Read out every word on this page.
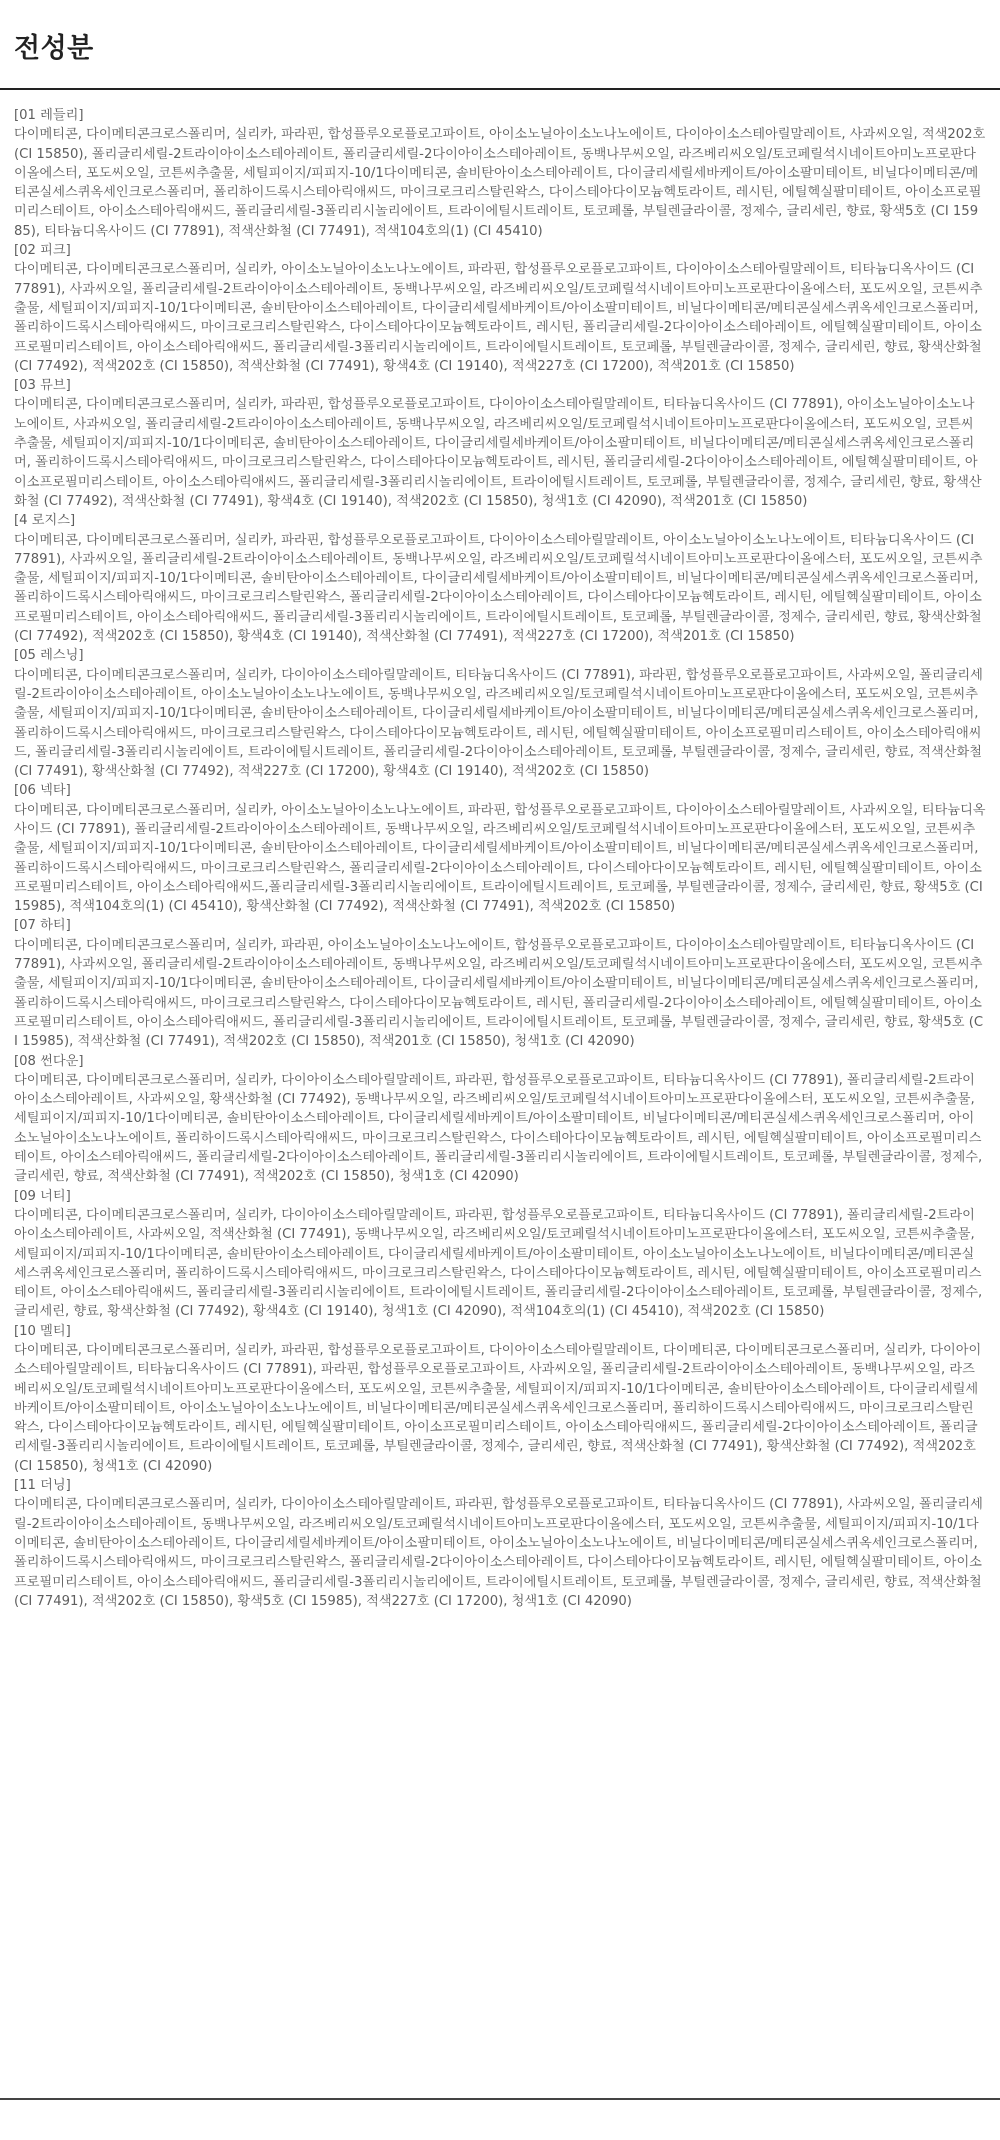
전성분

[01 레들리]

다이메티콘, 다이메티콘크로스폴리머, 실리카, 파라핀, 합성플루오로플로고파이트, 아이소노닐아이소노나노에이트, 다이아이소스테아릴말레이트, 사과씨오일, 적색202호 (CI 15850), 폴리글리세릴-2트라이아이소스테아레이트, 폴리글리세릴-2다이아이소스테아레이트, 동백나무씨오일, 라즈베리씨오일/토코페릴석시네이트아미노프로판다이올에스터, 포도씨오일, 코튼씨추출물, 세틸피이지/피피지-10/1다이메티콘, 솔비탄아이소스테아레이트, 다이글리세릴세바케이트/아이소팔미테이트, 비닐다이메티콘/메티콘실세스퀴옥세인크로스폴리머, 폴리하이드록시스테아릭애씨드, 마이크로크리스탈린왁스, 다이스테아다이모늄헥토라이트, 레시틴, 에틸헥실팔미테이트, 아이소프로필미리스테이트, 아이소스테아릭애씨드, 폴리글리세릴-3폴리리시놀리에이트, 트라이에틸시트레이트, 토코페롤, 부틸렌글라이콜, 정제수, 글리세린, 향료, 황색5호 (CI 15985), 티타늄디옥사이드 (CI 77891), 적색산화철 (CI 77491), 적색104호의(1) (CI 45410)

[02 피크]

다이메티콘, 다이메티콘크로스폴리머, 실리카, 아이소노닐아이소노나노에이트, 파라핀, 합성플루오로플로고파이트, 다이아이소스테아릴말레이트, 티타늄디옥사이드 (CI 77891), 사과씨오일, 폴리글리세릴-2트라이아이소스테아레이트, 동백나무씨오일, 라즈베리씨오일/토코페릴석시네이트아미노프로판다이올에스터, 포도씨오일, 코튼씨추출물, 세틸피이지/피피지-10/1다이메티콘, 솔비탄아이소스테아레이트, 다이글리세릴세바케이트/아이소팔미테이트, 비닐다이메티콘/메티콘실세스퀴옥세인크로스폴리머, 폴리하이드록시스테아릭애씨드, 마이크로크리스탈린왁스, 다이스테아다이모늄헥토라이트, 레시틴, 폴리글리세릴-2다이아이소스테아레이트, 에틸헥실팔미테이트, 아이소프로필미리스테이트, 아이소스테아릭애씨드, 폴리글리세릴-3폴리리시놀리에이트, 트라이에틸시트레이트, 토코페롤, 부틸렌글라이콜, 정제수, 글리세린, 향료, 황색산화철 (CI 77492), 적색202호 (CI 15850), 적색산화철 (CI 77491), 황색4호 (CI 19140), 적색227호 (CI 17200), 적색201호 (CI 15850)

[03 뮤브]

다이메티콘, 다이메티콘크로스폴리머, 실리카, 파라핀, 합성플루오로플로고파이트, 다이아이소스테아릴말레이트, 티타늄디옥사이드 (CI 77891), 아이소노닐아이소노나노에이트, 사과씨오일, 폴리글리세릴-2트라이아이소스테아레이트, 동백나무씨오일, 라즈베리씨오일/토코페릴석시네이트아미노프로판다이올에스터, 포도씨오일, 코튼씨추출물, 세틸피이지/피피지-10/1다이메티콘, 솔비탄아이소스테아레이트, 다이글리세릴세바케이트/아이소팔미테이트, 비닐다이메티콘/메티콘실세스퀴옥세인크로스폴리머, 폴리하이드록시스테아릭애씨드, 마이크로크리스탈린왁스, 다이스테아다이모늄헥토라이트, 레시틴, 폴리글리세릴-2다이아이소스테아레이트, 에틸헥실팔미테이트, 아이소프로필미리스테이트, 아이소스테아릭애씨드, 폴리글리세릴-3폴리리시놀리에이트, 트라이에틸시트레이트, 토코페롤, 부틸렌글라이콜, 정제수, 글리세린, 향료, 황색산화철 (CI 77492), 적색산화철 (CI 77491), 황색4호 (CI 19140), 적색202호 (CI 15850), 청색1호 (CI 42090), 적색201호 (CI 15850)

[4 로지스]

다이메티콘, 다이메티콘크로스폴리머, 실리카, 파라핀, 합성플루오로플로고파이트, 다이아이소스테아릴말레이트, 아이소노닐아이소노나노에이트, 티타늄디옥사이드 (CI 77891), 사과씨오일, 폴리글리세릴-2트라이아이소스테아레이트, 동백나무씨오일, 라즈베리씨오일/토코페릴석시네이트아미노프로판다이올에스터, 포도씨오일, 코튼씨추출물, 세틸피이지/피피지-10/1다이메티콘, 솔비탄아이소스테아레이트, 다이글리세릴세바케이트/아이소팔미테이트, 비닐다이메티콘/메티콘실세스퀴옥세인크로스폴리머, 폴리하이드록시스테아릭애씨드, 마이크로크리스탈린왁스, 폴리글리세릴-2다이아이소스테아레이트, 다이스테아다이모늄헥토라이트, 레시틴, 에틸헥실팔미테이트, 아이소프로필미리스테이트, 아이소스테아릭애씨드, 폴리글리세릴-3폴리리시놀리에이트, 트라이에틸시트레이트, 토코페롤, 부틸렌글라이콜, 정제수, 글리세린, 향료, 황색산화철 (CI 77492), 적색202호 (CI 15850), 황색4호 (CI 19140), 적색산화철 (CI 77491), 적색227호 (CI 17200), 적색201호 (CI 15850)

[05 레스닝]

다이메티콘, 다이메티콘크로스폴리머, 실리카, 다이아이소스테아릴말레이트, 티타늄디옥사이드 (CI 77891), 파라핀, 합성플루오로플로고파이트, 사과씨오일, 폴리글리세릴-2트라이아이소스테아레이트, 아이소노닐아이소노나노에이트, 동백나무씨오일, 라즈베리씨오일/토코페릴석시네이트아미노프로판다이올에스터, 포도씨오일, 코튼씨추출물, 세틸피이지/피피지-10/1다이메티콘, 솔비탄아이소스테아레이트, 다이글리세릴세바케이트/아이소팔미테이트, 비닐다이메티콘/메티콘실세스퀴옥세인크로스폴리머, 폴리하이드록시스테아릭애씨드, 마이크로크리스탈린왁스, 다이스테아다이모늄헥토라이트, 레시틴, 에틸헥실팔미테이트, 아이소프로필미리스테이트, 아이소스테아릭애씨드, 폴리글리세릴-3폴리리시놀리에이트, 트라이에틸시트레이트, 폴리글리세릴-2다이아이소스테아레이트, 토코페롤, 부틸렌글라이콜, 정제수, 글리세린, 향료, 적색산화철 (CI 77491), 황색산화철 (CI 77492), 적색227호 (CI 17200), 황색4호 (CI 19140), 적색202호 (CI 15850)

[06 넥타]

다이메티콘, 다이메티콘크로스폴리머, 실리카, 아이소노닐아이소노나노에이트, 파라핀, 합성플루오로플로고파이트, 다이아이소스테아릴말레이트, 사과씨오일, 티타늄디옥사이드 (CI 77891), 폴리글리세릴-2트라이아이소스테아레이트, 동백나무씨오일, 라즈베리씨오일/토코페릴석시네이트아미노프로판다이올에스터, 포도씨오일, 코튼씨추출물, 세틸피이지/피피지-10/1다이메티콘, 솔비탄아이소스테아레이트, 다이글리세릴세바케이트/아이소팔미테이트, 비닐다이메티콘/메티콘실세스퀴옥세인크로스폴리머, 폴리하이드록시스테아릭애씨드, 마이크로크리스탈린왁스, 폴리글리세릴-2다이아이소스테아레이트, 다이스테아다이모늄헥토라이트, 레시틴, 에틸헥실팔미테이트, 아이소프로필미리스테이트, 아이소스테아릭애씨드,폴리글리세릴-3폴리리시놀리에이트, 트라이에틸시트레이트, 토코페롤, 부틸렌글라이콜, 정제수, 글리세린, 향료, 황색5호 (CI 15985), 적색104호의(1) (CI 45410), 황색산화철 (CI 77492), 적색산화철 (CI 77491), 적색202호 (CI 15850)

[07 하티]

다이메티콘, 다이메티콘크로스폴리머, 실리카, 파라핀, 아이소노닐아이소노나노에이트, 합성플루오로플로고파이트, 다이아이소스테아릴말레이트, 티타늄디옥사이드 (CI 77891), 사과씨오일, 폴리글리세릴-2트라이아이소스테아레이트, 동백나무씨오일, 라즈베리씨오일/토코페릴석시네이트아미노프로판다이올에스터, 포도씨오일, 코튼씨추출물, 세틸피이지/피피지-10/1다이메티콘, 솔비탄아이소스테아레이트, 다이글리세릴세바케이트/아이소팔미테이트, 비닐다이메티콘/메티콘실세스퀴옥세인크로스폴리머, 폴리하이드록시스테아릭애씨드, 마이크로크리스탈린왁스, 다이스테아다이모늄헥토라이트, 레시틴, 폴리글리세릴-2다이아이소스테아레이트, 에틸헥실팔미테이트, 아이소프로필미리스테이트, 아이소스테아릭애씨드, 폴리글리세릴-3폴리리시놀리에이트, 트라이에틸시트레이트, 토코페롤, 부틸렌글라이콜, 정제수, 글리세린, 향료, 황색5호 (CI 15985), 적색산화철 (CI 77491), 적색202호 (CI 15850), 적색201호 (CI 15850), 청색1호 (CI 42090)

[08 썬다운]

다이메티콘, 다이메티콘크로스폴리머, 실리카, 다이아이소스테아릴말레이트, 파라핀, 합성플루오로플로고파이트, 티타늄디옥사이드 (CI 77891), 폴리글리세릴-2트라이아이소스테아레이트, 사과씨오일, 황색산화철 (CI 77492), 동백나무씨오일, 라즈베리씨오일/토코페릴석시네이트아미노프로판다이올에스터, 포도씨오일, 코튼씨추출물, 세틸피이지/피피지-10/1다이메티콘, 솔비탄아이소스테아레이트, 다이글리세릴세바케이트/아이소팔미테이트, 비닐다이메티콘/메티콘실세스퀴옥세인크로스폴리머, 아이소노닐아이소노나노에이트, 폴리하이드록시스테아릭애씨드, 마이크로크리스탈린왁스, 다이스테아다이모늄헥토라이트, 레시틴, 에틸헥실팔미테이트, 아이소프로필미리스테이트, 아이소스테아릭애씨드, 폴리글리세릴-2다이아이소스테아레이트, 폴리글리세릴-3폴리리시놀리에이트, 트라이에틸시트레이트, 토코페롤, 부틸렌글라이콜, 정제수, 글리세린, 향료, 적색산화철 (CI 77491), 적색202호 (CI 15850), 청색1호 (CI 42090)

[09 너티]

다이메티콘, 다이메티콘크로스폴리머, 실리카, 다이아이소스테아릴말레이트, 파라핀, 합성플루오로플로고파이트, 티타늄디옥사이드 (CI 77891), 폴리글리세릴-2트라이아이소스테아레이트, 사과씨오일, 적색산화철 (CI 77491), 동백나무씨오일, 라즈베리씨오일/토코페릴석시네이트아미노프로판다이올에스터, 포도씨오일, 코튼씨추출물, 세틸피이지/피피지-10/1다이메티콘, 솔비탄아이소스테아레이트, 다이글리세릴세바케이트/아이소팔미테이트, 아이소노닐아이소노나노에이트, 비닐다이메티콘/메티콘실세스퀴옥세인크로스폴리머, 폴리하이드록시스테아릭애씨드, 마이크로크리스탈린왁스, 다이스테아다이모늄헥토라이트, 레시틴, 에틸헥실팔미테이트, 아이소프로필미리스테이트, 아이소스테아릭애씨드, 폴리글리세릴-3폴리리시놀리에이트, 트라이에틸시트레이트, 폴리글리세릴-2다이아이소스테아레이트, 토코페롤, 부틸렌글라이콜, 정제수, 글리세린, 향료, 황색산화철 (CI 77492), 황색4호 (CI 19140), 청색1호 (CI 42090), 적색104호의(1) (CI 45410), 적색202호 (CI 15850)

[10 멜티]

다이메티콘, 다이메티콘크로스폴리머, 실리카, 파라핀, 합성플루오로플로고파이트, 다이아이소스테아릴말레이트, 다이메티콘, 다이메티콘크로스폴리머, 실리카, 다이아이소스테아릴말레이트, 티타늄디옥사이드 (CI 77891), 파라핀, 합성플루오로플로고파이트, 사과씨오일, 폴리글리세릴-2트라이아이소스테아레이트, 동백나무씨오일, 라즈베리씨오일/토코페릴석시네이트아미노프로판다이올에스터, 포도씨오일, 코튼씨추출물, 세틸피이지/피피지-10/1다이메티콘, 솔비탄아이소스테아레이트, 다이글리세릴세바케이트/아이소팔미테이트, 아이소노닐아이소노나노에이트, 비닐다이메티콘/메티콘실세스퀴옥세인크로스폴리머, 폴리하이드록시스테아릭애씨드, 마이크로크리스탈린왁스, 다이스테아다이모늄헥토라이트, 레시틴, 에틸헥실팔미테이트, 아이소프로필미리스테이트, 아이소스테아릭애씨드, 폴리글리세릴-2다이아이소스테아레이트, 폴리글리세릴-3폴리리시놀리에이트, 트라이에틸시트레이트, 토코페롤, 부틸렌글라이콜, 정제수, 글리세린, 향료, 적색산화철 (CI 77491), 황색산화철 (CI 77492), 적색202호 (CI 15850), 청색1호 (CI 42090)

[11 더닝]

다이메티콘, 다이메티콘크로스폴리머, 실리카, 다이아이소스테아릴말레이트, 파라핀, 합성플루오로플로고파이트, 티타늄디옥사이드 (CI 77891), 사과씨오일, 폴리글리세릴-2트라이아이소스테아레이트, 동백나무씨오일, 라즈베리씨오일/토코페릴석시네이트아미노프로판다이올에스터, 포도씨오일, 코튼씨추출물, 세틸피이지/피피지-10/1다이메티콘, 솔비탄아이소스테아레이트, 다이글리세릴세바케이트/아이소팔미테이트, 아이소노닐아이소노나노에이트, 비닐다이메티콘/메티콘실세스퀴옥세인크로스폴리머, 폴리하이드록시스테아릭애씨드, 마이크로크리스탈린왁스, 폴리글리세릴-2다이아이소스테아레이트, 다이스테아다이모늄헥토라이트, 레시틴, 에틸헥실팔미테이트, 아이소프로필미리스테이트, 아이소스테아릭애씨드, 폴리글리세릴-3폴리리시놀리에이트, 트라이에틸시트레이트, 토코페롤, 부틸렌글라이콜, 정제수, 글리세린, 향료, 적색산화철 (CI 77491), 적색202호 (CI 15850), 황색5호 (CI 15985), 적색227호 (CI 17200), 청색1호 (CI 42090)
